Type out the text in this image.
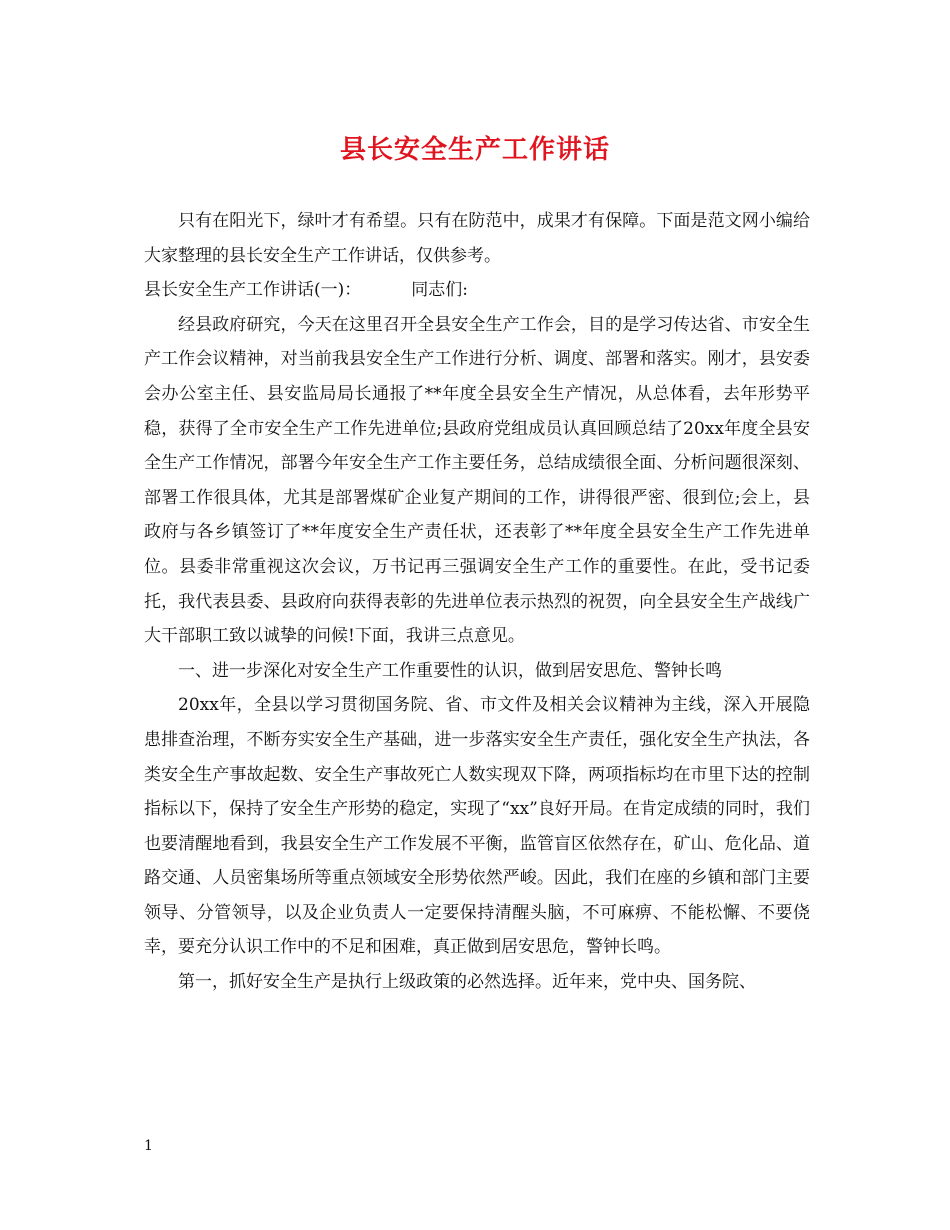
县长安全生产工作讲话

只有在阳光下，绿叶才有希望。只有在防范中，成果才有保障。下面是范文网小编给大家整理的县长安全生产工作讲话，仅供参考。

县长安全生产工作讲话(一)：	同志们:

经县政府研究，今天在这里召开全县安全生产工作会，目的是学习传达省、市安全生产工作会议精神，对当前我县安全生产工作进行分析、调度、部署和落实。刚才，县安委会办公室主任、县安监局局长通报了**年度全县安全生产情况，从总体看，去年形势平稳，获得了全市安全生产工作先进单位;县政府党组成员认真回顾总结了20xx年度全县安全生产工作情况，部署今年安全生产工作主要任务，总结成绩很全面、分析问题很深刻、部署工作很具体，尤其是部署煤矿企业复产期间的工作，讲得很严密、很到位;会上，县政府与各乡镇签订了**年度安全生产责任状，还表彰了**年度全县安全生产工作先进单位。县委非常重视这次会议，万书记再三强调安全生产工作的重要性。在此，受书记委托，我代表县委、县政府向获得表彰的先进单位表示热烈的祝贺，向全县安全生产战线广大干部职工致以诚挚的问候!下面，我讲三点意见。

一、进一步深化对安全生产工作重要性的认识，做到居安思危、警钟长鸣

20xx年，全县以学习贯彻国务院、省、市文件及相关会议精神为主线，深入开展隐患排查治理，不断夯实安全生产基础，进一步落实安全生产责任，强化安全生产执法，各类安全生产事故起数、安全生产事故死亡人数实现双下降，两项指标均在市里下达的控制指标以下，保持了安全生产形势的稳定，实现了“xx”良好开局。在肯定成绩的同时，我们也要清醒地看到，我县安全生产工作发展不平衡，监管盲区依然存在，矿山、危化品、道路交通、人员密集场所等重点领域安全形势依然严峻。因此，我们在座的乡镇和部门主要领导、分管领导，以及企业负责人一定要保持清醒头脑，不可麻痹、不能松懈、不要侥幸，要充分认识工作中的不足和困难，真正做到居安思危，警钟长鸣。

第一，抓好安全生产是执行上级政策的必然选择。近年来，党中央、国务院、

1
